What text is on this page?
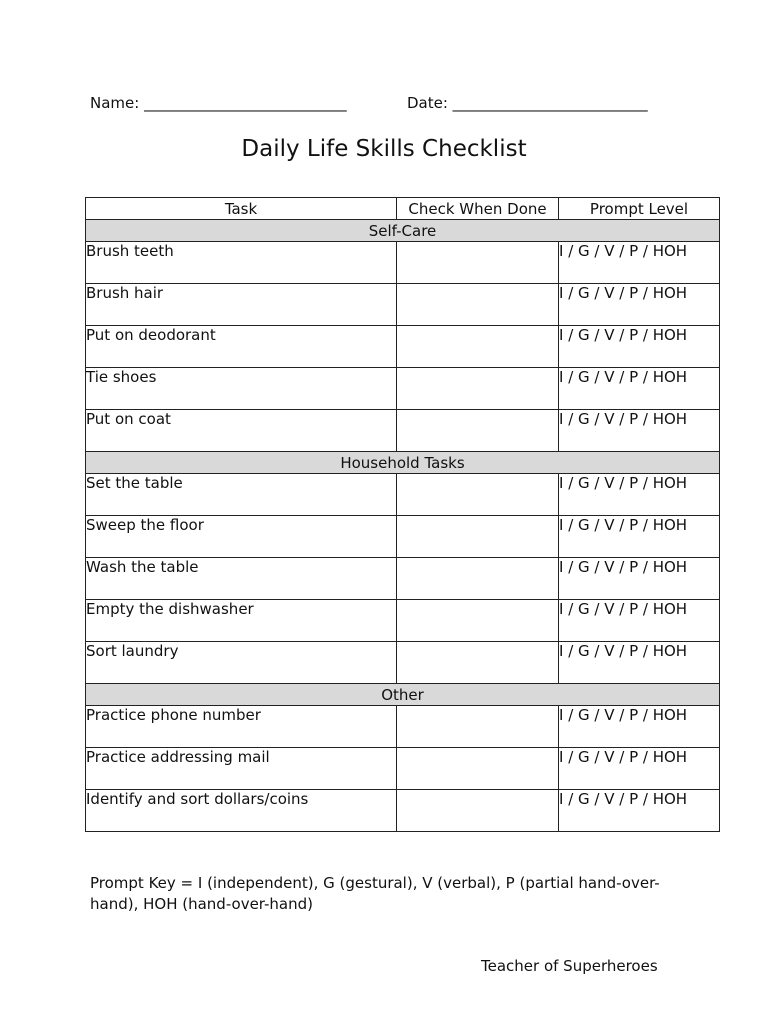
Name: ___________________________	Date: __________________________
Daily Life Skills Checklist
Task	Check When Done	Prompt Level
Self-Care		
Brush teeth		I / G / V / P / HOH
Brush hair		I / G / V / P / HOH
Put on deodorant		I / G / V / P / HOH
Tie shoes		I / G / V / P / HOH
Put on coat		I / G / V / P / HOH
Household Tasks		
Set the table		I / G / V / P / HOH
Sweep the floor		I / G / V / P / HOH
Wash the table		I / G / V / P / HOH
Empty the dishwasher		I / G / V / P / HOH
Sort laundry		I / G / V / P / HOH
Other		
Practice phone number		I / G / V / P / HOH
Practice addressing mail		I / G / V / P / HOH
Identify and sort dollars/coins		I / G / V / P / HOH
Prompt Key = I (independent), G (gestural), V (verbal), P (partial hand-over-hand), HOH (hand-over-hand)
Teacher of Superheroes
